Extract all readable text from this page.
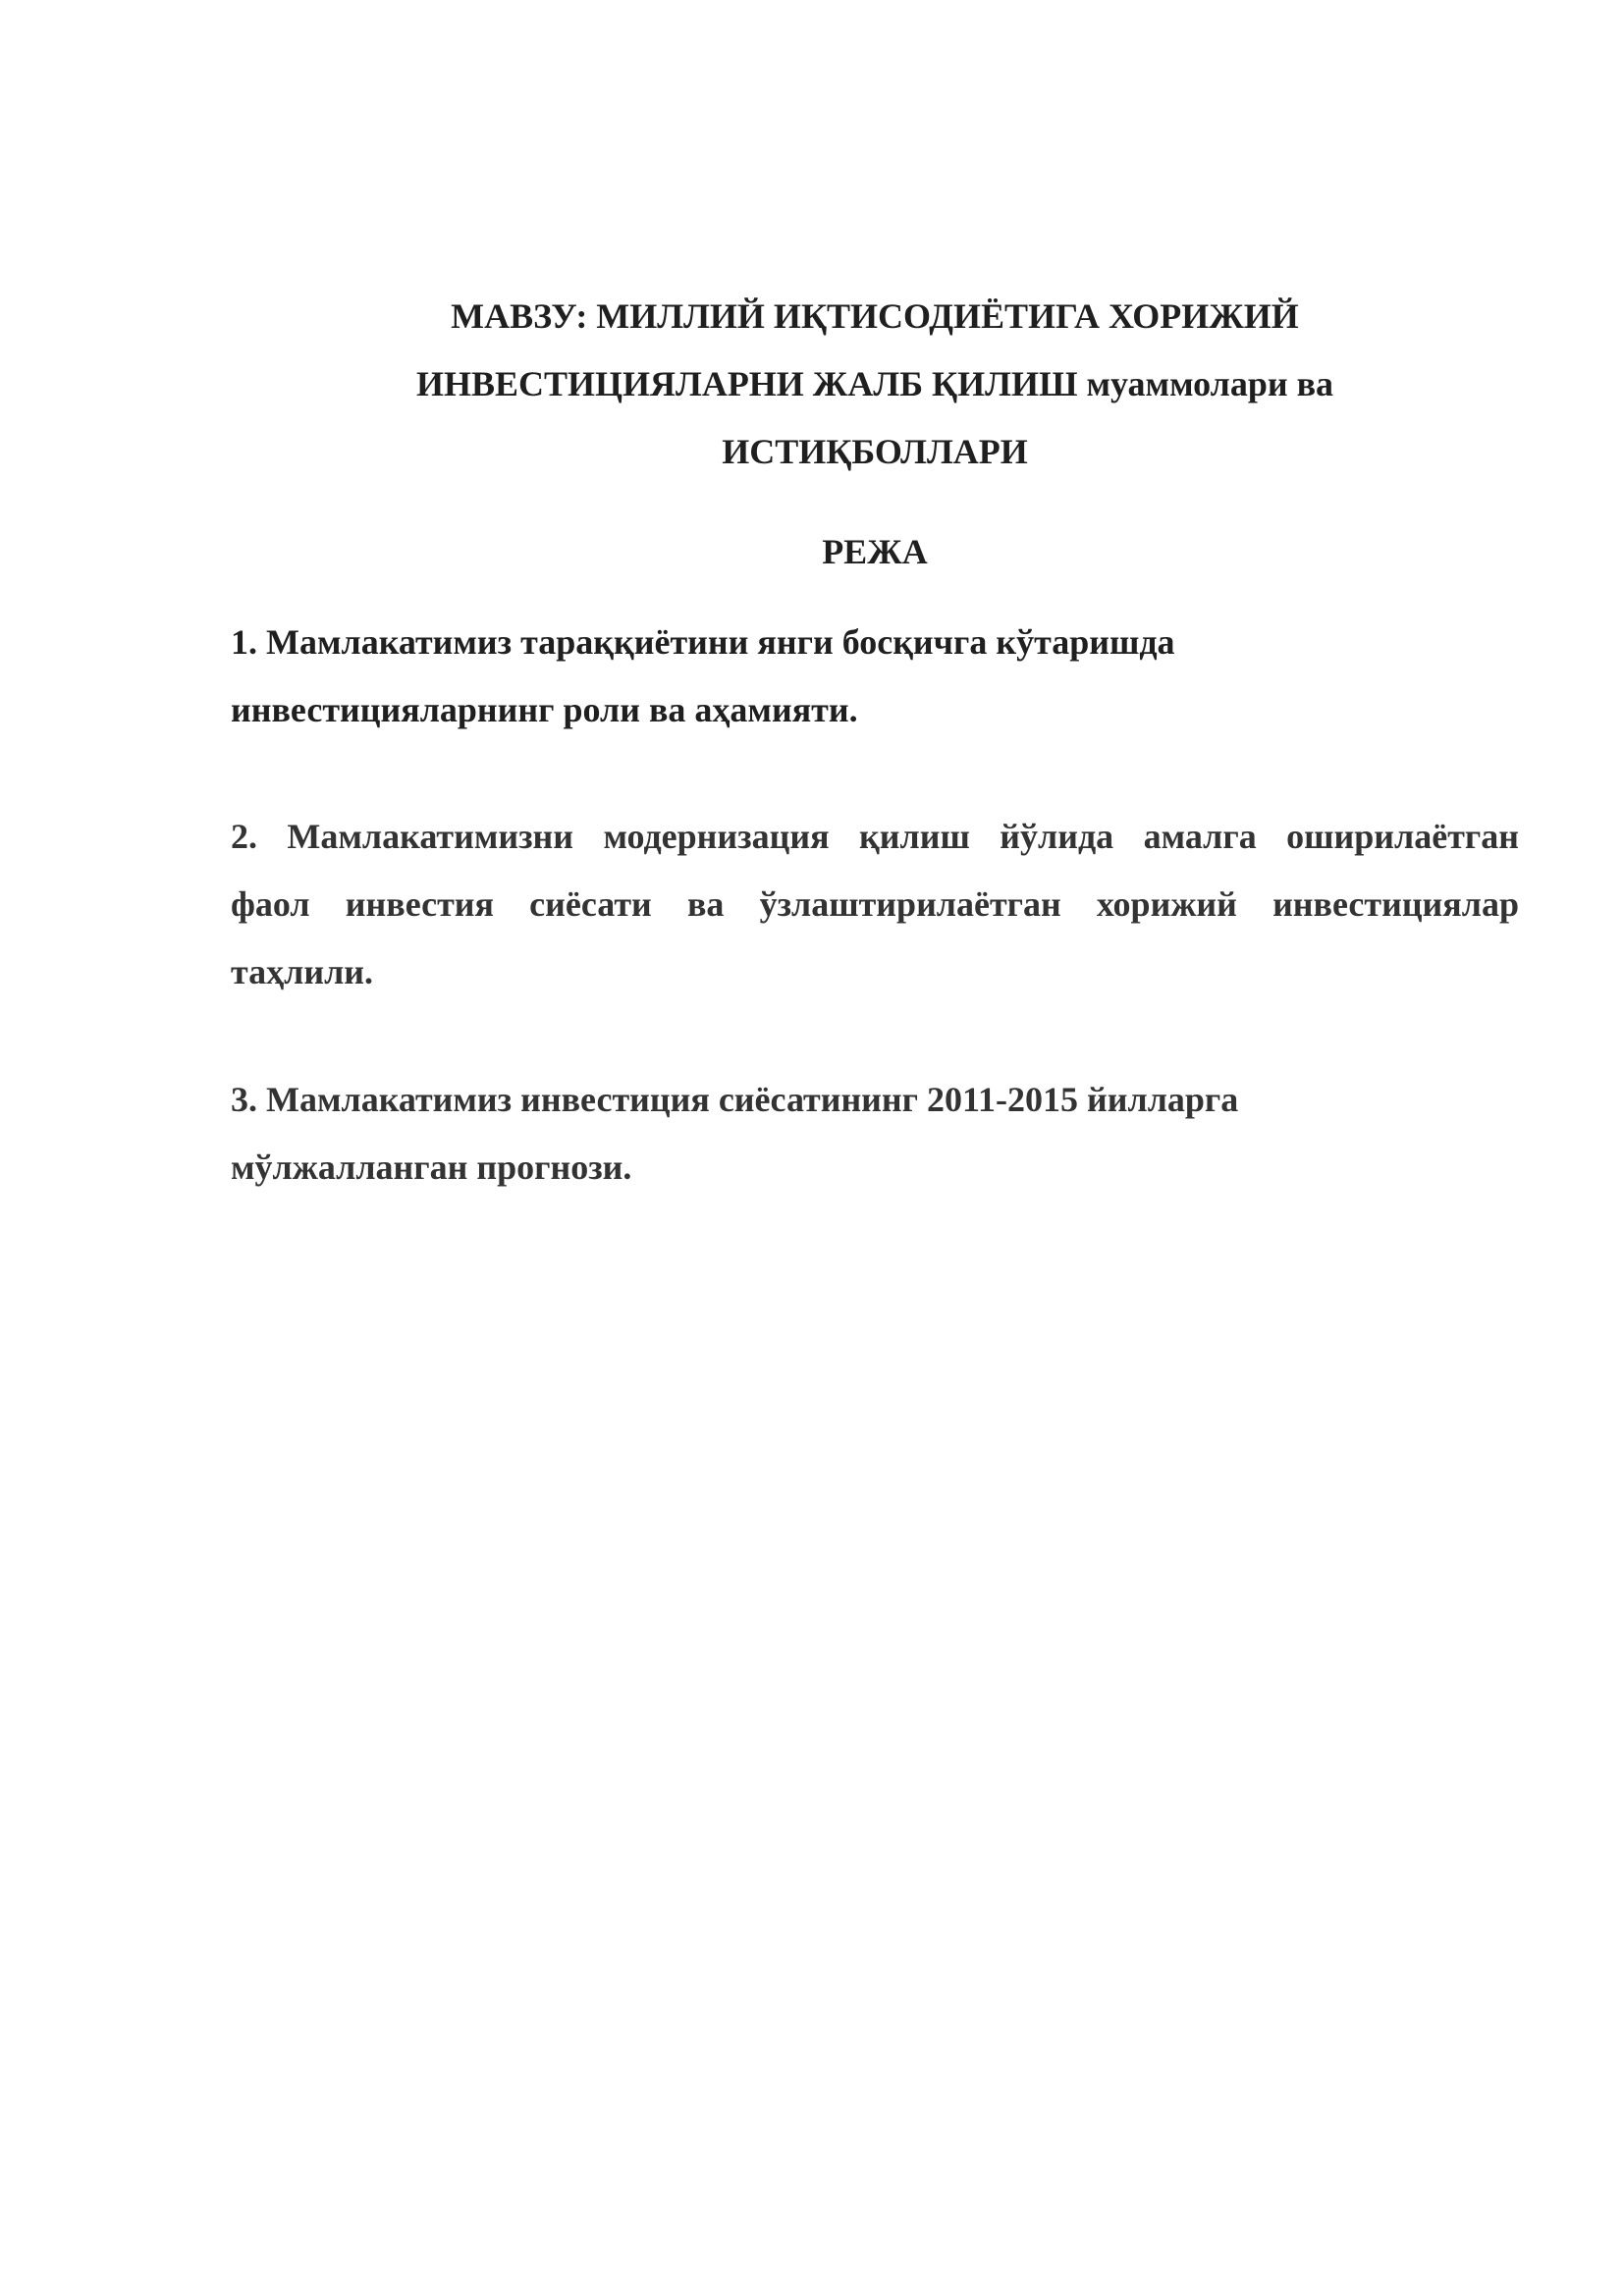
МАВЗУ: МИЛЛИЙ ИҚТИСОДИЁТИГА ХОРИЖИЙ
ИНВЕСТИЦИЯЛАРНИ ЖАЛБ ҚИЛИШ муаммолари ва
ИСТИҚБОЛЛАРИ
РЕЖА
1. Мамлакатимиз тараққиётини янги босқичга кўтаришда
инвестицияларнинг роли ва аҳамияти.
2. Мамлакатимизни модернизация қилиш йўлида амалга оширилаётган
фаол инвестия сиёсати ва ўзлаштирилаётган хорижий инвестициялар
таҳлили.
3. Мамлакатимиз инвестиция сиёсатининг 2011-2015 йилларга
мўлжалланган прогнози.
